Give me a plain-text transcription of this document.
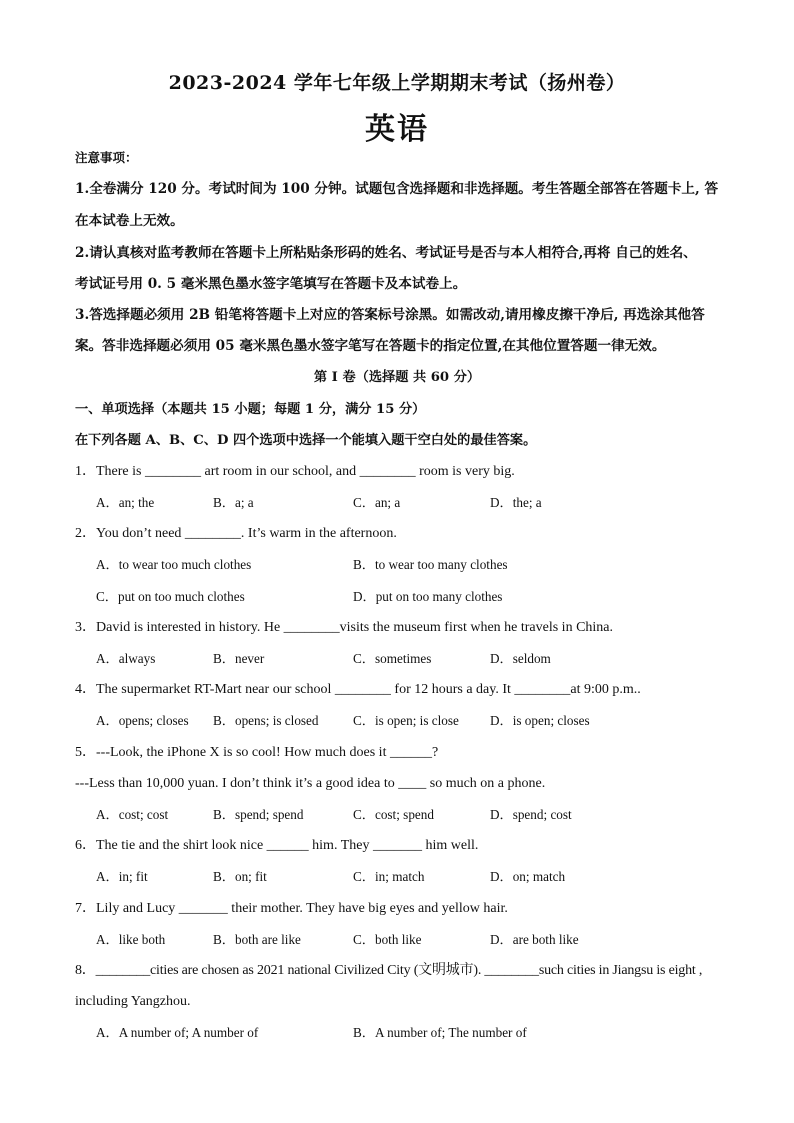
2023-2024 学年七年级上学期期末考试（扬州卷）
英语
注意事项：
1.全卷满分 120 分。考试时间为 100 分钟。试题包含选择题和非选择题。考生答题全部答在答题卡上, 答
在本试卷上无效。
2.请认真核对监考教师在答题卡上所粘贴条形码的姓名、考试证号是否与本人相符合,再将 自己的姓名、
考试证号用 0. 5 毫米黑色墨水签字笔填写在答题卡及本试卷上。
3.答选择题必须用 2B 铅笔将答题卡上对应的答案标号涂黑。如需改动,请用橡皮擦干净后, 再选涂其他答
案。答非选择题必须用 05 毫米黑色墨水签字笔写在答题卡的指定位置,在其他位置答题一律无效。
第 I 卷（选择题 共 60 分）
一、单项选择（本题共 15 小题；每题 1 分，满分 15 分）
在下列各题 A、B、C、D 四个选项中选择一个能填入题干空白处的最佳答案。
1．There is ________ art room in our school, and ________ room is very big.
A．an; the	B．a; a	C．an; a	D．the; a
2．You don’t need ________. It’s warm in the afternoon.
A．to wear too much clothes	B．to wear too many clothes
C．put on too much clothes	D．put on too many clothes
3．David is interested in history. He ________visits the museum first when he travels in China.
A．always	B．never	C．sometimes	D．seldom
4．The supermarket RT-Mart near our school ________ for 12 hours a day. It ________at 9:00 p.m..
A．opens; closes B．opens; is closed	C．is open; is close D．is open; closes
5．---Look, the iPhone X is so cool! How much does it ______?
---Less than 10,000 yuan. I don’t think it’s a good idea to ____ so much on a phone.
A．cost; cost	B．spend; spend	C．cost; spend	D．spend; cost
6．The tie and the shirt look nice ______ him. They _______ him well.
A．in; fit	B．on; fit	C．in; match	D．on; match
7．Lily and Lucy _______ their mother. They have big eyes and yellow hair.
A．like both	B．both are like	C．both like	D．are both like
8．________cities are chosen as 2021 national Civilized City (文明城市). ________such cities in Jiangsu is eight ,
including Yangzhou.
A．A number of; A number of	B．A number of; The number of
